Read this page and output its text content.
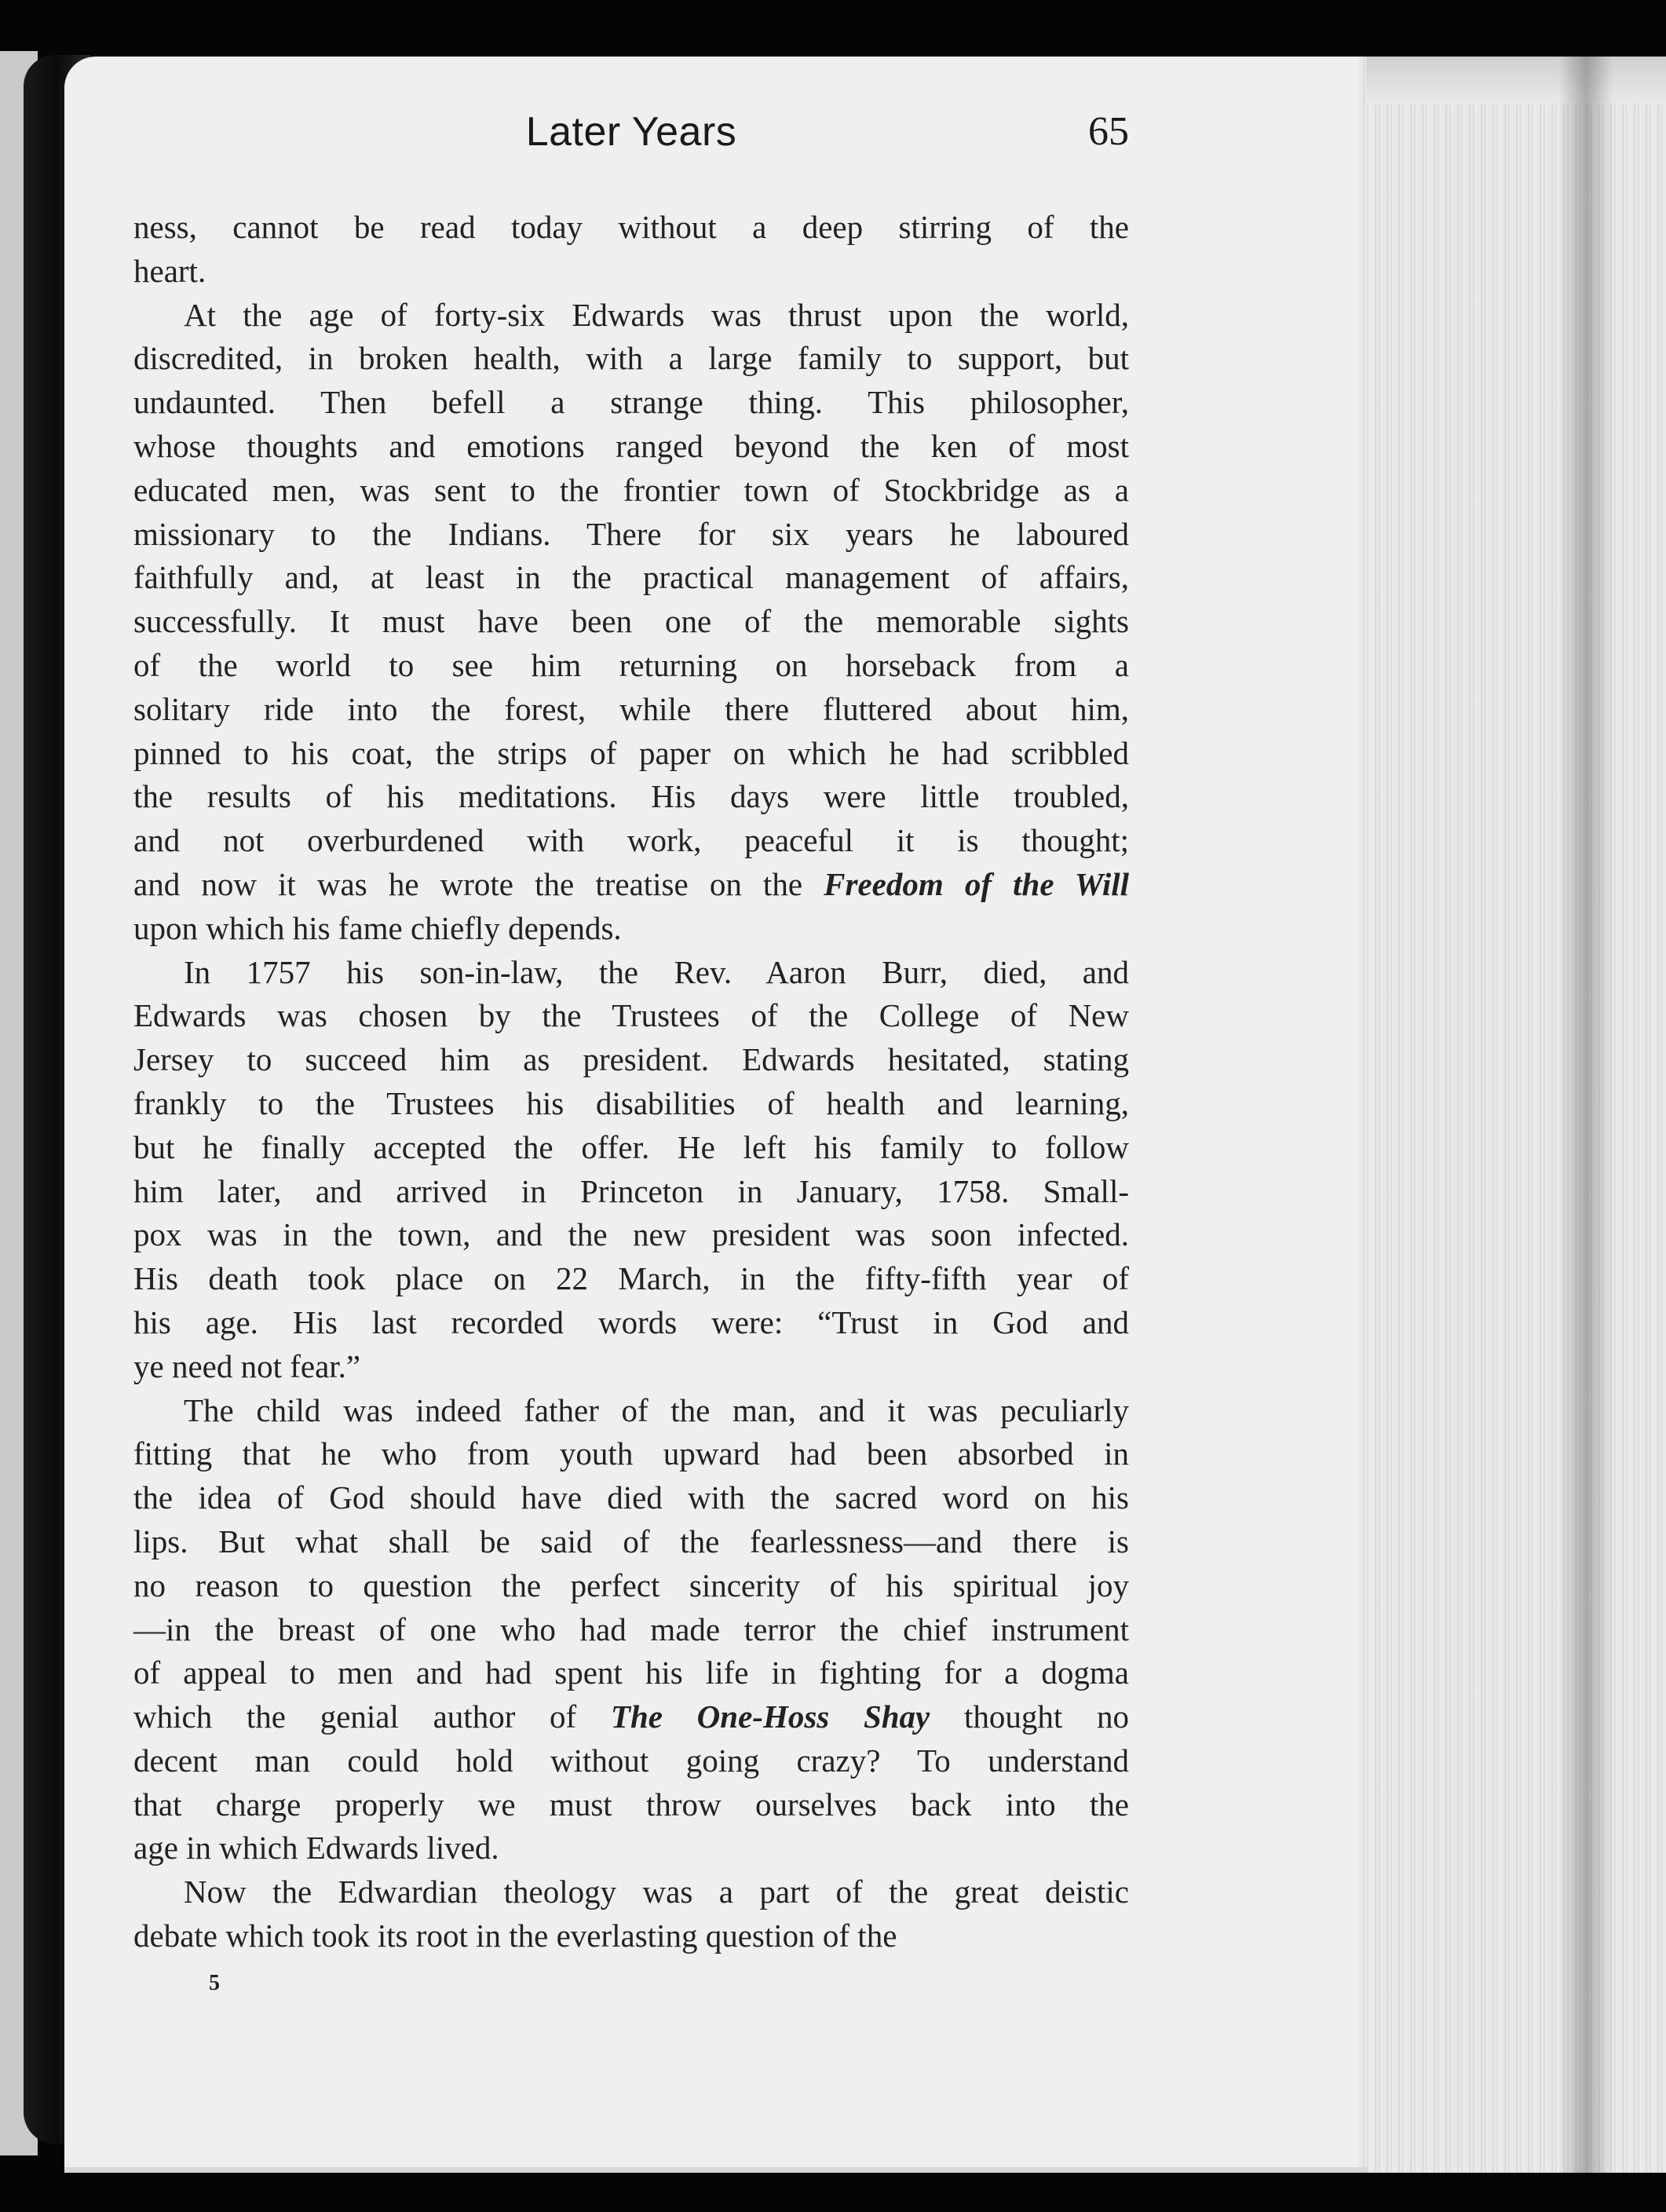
Later Years	65

ness, cannot be read today without a deep stirring of the
heart.

At the age of forty-six Edwards was thrust upon the world,
discredited, in broken health, with a large family to support, but
undaunted. Then befell a strange thing. This philosopher,
whose thoughts and emotions ranged beyond the ken of most
educated men, was sent to the frontier town of Stockbridge as a
missionary to the Indians. There for six years he laboured
faithfully and, at least in the practical management of affairs,
successfully. It must have been one of the memorable sights
of the world to see him returning on horseback from a
solitary ride into the forest, while there fluttered about him,
pinned to his coat, the strips of paper on which he had scribbled
the results of his meditations. His days were little troubled,
and not overburdened with work, peaceful it is thought;
and now it was he wrote the treatise on the Freedom of the Will
upon which his fame chiefly depends.

In 1757 his son-in-law, the Rev. Aaron Burr, died, and
Edwards was chosen by the Trustees of the College of New
Jersey to succeed him as president. Edwards hesitated, stating
frankly to the Trustees his disabilities of health and learning,
but he finally accepted the offer. He left his family to follow
him later, and arrived in Princeton in January, 1758. Small-
pox was in the town, and the new president was soon infected.
His death took place on 22 March, in the fifty-fifth year of
his age. His last recorded words were: “Trust in God and
ye need not fear.”

The child was indeed father of the man, and it was peculiarly
fitting that he who from youth upward had been absorbed in
the idea of God should have died with the sacred word on his
lips. But what shall be said of the fearlessness—and there is
no reason to question the perfect sincerity of his spiritual joy
—in the breast of one who had made terror the chief instrument
of appeal to men and had spent his life in fighting for a dogma
which the genial author of The One-Hoss Shay thought no
decent man could hold without going crazy? To understand
that charge properly we must throw ourselves back into the
age in which Edwards lived.

Now the Edwardian theology was a part of the great deistic
debate which took its root in the everlasting question of the

5
